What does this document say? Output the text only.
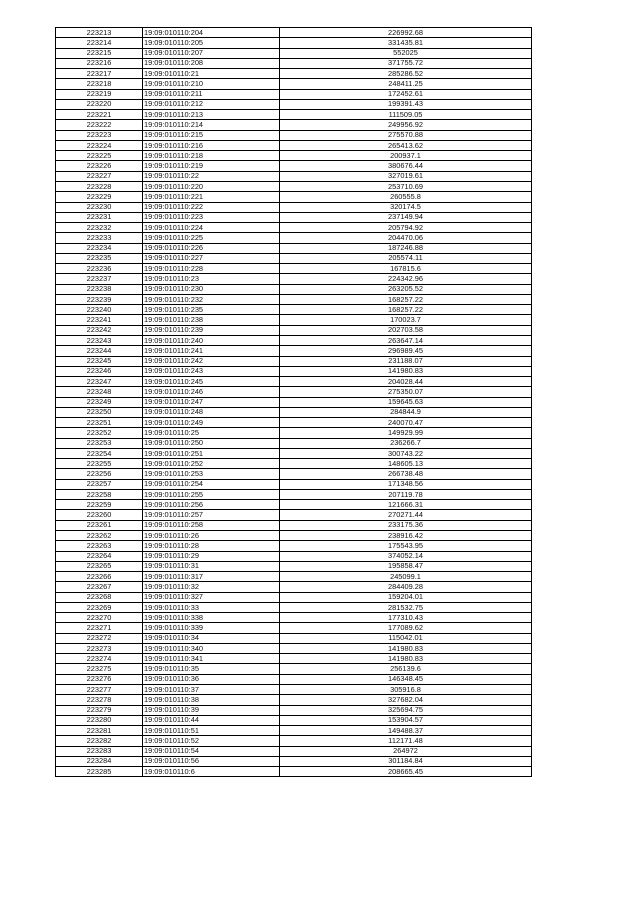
223213	19:09:010110:204	226992.68
223214	19:09:010110:205	331435.81
223215	19:09:010110:207	552025
223216	19:09:010110:208	371755.72
223217	19:09:010110:21	285286.52
223218	19:09:010110:210	248411.25
223219	19:09:010110:211	172452.61
223220	19:09:010110:212	199391.43
223221	19:09:010110:213	111509.05
223222	19:09:010110:214	249956.92
223223	19:09:010110:215	275570.88
223224	19:09:010110:216	265413.62
223225	19:09:010110:218	200937.1
223226	19:09:010110:219	380676.44
223227	19:09:010110:22	327019.61
223228	19:09:010110:220	253710.69
223229	19:09:010110:221	260555.8
223230	19:09:010110:222	320174.5
223231	19:09:010110:223	237149.94
223232	19:09:010110:224	205794.92
223233	19:09:010110:225	204470.06
223234	19:09:010110:226	187246.88
223235	19:09:010110:227	205574.11
223236	19:09:010110:228	167815.6
223237	19:09:010110:23	224342.96
223238	19:09:010110:230	263205.52
223239	19:09:010110:232	168257.22
223240	19:09:010110:235	168257.22
223241	19:09:010110:238	170023.7
223242	19:09:010110:239	202703.58
223243	19:09:010110:240	263647.14
223244	19:09:010110:241	296989.45
223245	19:09:010110:242	231188.07
223246	19:09:010110:243	141980.83
223247	19:09:010110:245	204028.44
223248	19:09:010110:246	275350.07
223249	19:09:010110:247	159645.63
223250	19:09:010110:248	284844.9
223251	19:09:010110:249	240070.47
223252	19:09:010110:25	149929.99
223253	19:09:010110:250	236266.7
223254	19:09:010110:251	300743.22
223255	19:09:010110:252	148605.13
223256	19:09:010110:253	266738.48
223257	19:09:010110:254	171348.56
223258	19:09:010110:255	207119.78
223259	19:09:010110:256	121666.31
223260	19:09:010110:257	270271.44
223261	19:09:010110:258	233175.36
223262	19:09:010110:26	238916.42
223263	19:09:010110:28	175543.95
223264	19:09:010110:29	374052.14
223265	19:09:010110:31	195858.47
223266	19:09:010110:317	245099.1
223267	19:09:010110:32	284409.28
223268	19:09:010110:327	159204.01
223269	19:09:010110:33	281532.75
223270	19:09:010110:338	177310.43
223271	19:09:010110:339	177089.62
223272	19:09:010110:34	115042.01
223273	19:09:010110:340	141980.83
223274	19:09:010110:341	141980.83
223275	19:09:010110:35	256139.6
223276	19:09:010110:36	146348.45
223277	19:09:010110:37	305916.8
223278	19:09:010110:38	327682.04
223279	19:09:010110:39	325694.75
223280	19:09:010110:44	153904.57
223281	19:09:010110:51	149488.37
223282	19:09:010110:52	112171.48
223283	19:09:010110:54	264972
223284	19:09:010110:56	301184.84
223285	19:09:010110:6	208665.45
